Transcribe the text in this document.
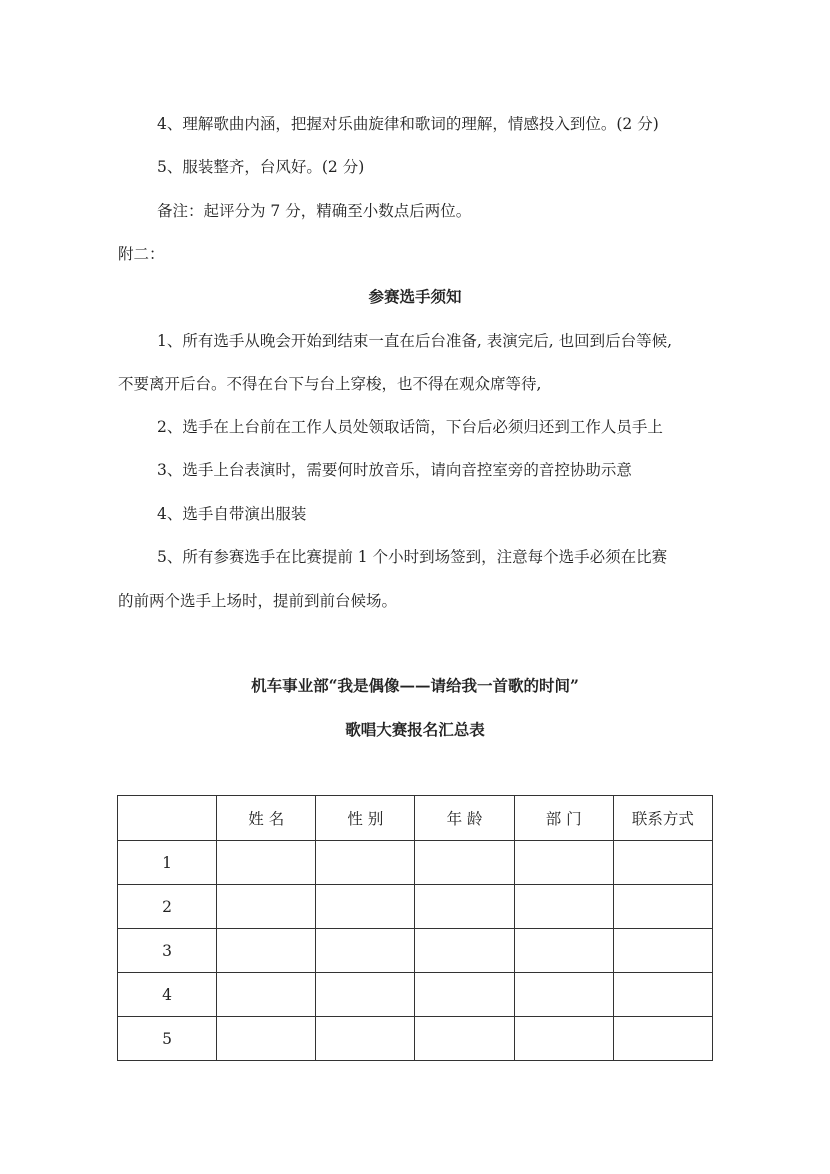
4、理解歌曲内涵，把握对乐曲旋律和歌词的理解，情感投入到位。(2 分)
5、服装整齐，台风好。(2 分)
备注：起评分为 7 分，精确至小数点后两位。
附二：
参赛选手须知
1、所有选手从晚会开始到结束一直在后台准备, 表演完后, 也回到后台等候,
不要离开后台。不得在台下与台上穿梭，也不得在观众席等待,
2、选手在上台前在工作人员处领取话筒，下台后必须归还到工作人员手上
3、选手上台表演时，需要何时放音乐，请向音控室旁的音控协助示意
4、选手自带演出服装
5、所有参赛选手在比赛提前 1 个小时到场签到，注意每个选手必须在比赛
的前两个选手上场时，提前到前台候场。
机车事业部“我是偶像——请给我一首歌的时间”
歌唱大赛报名汇总表
	姓 名	性 别	年 龄	部 门	联系方式
1					
2					
3					
4					
5					
